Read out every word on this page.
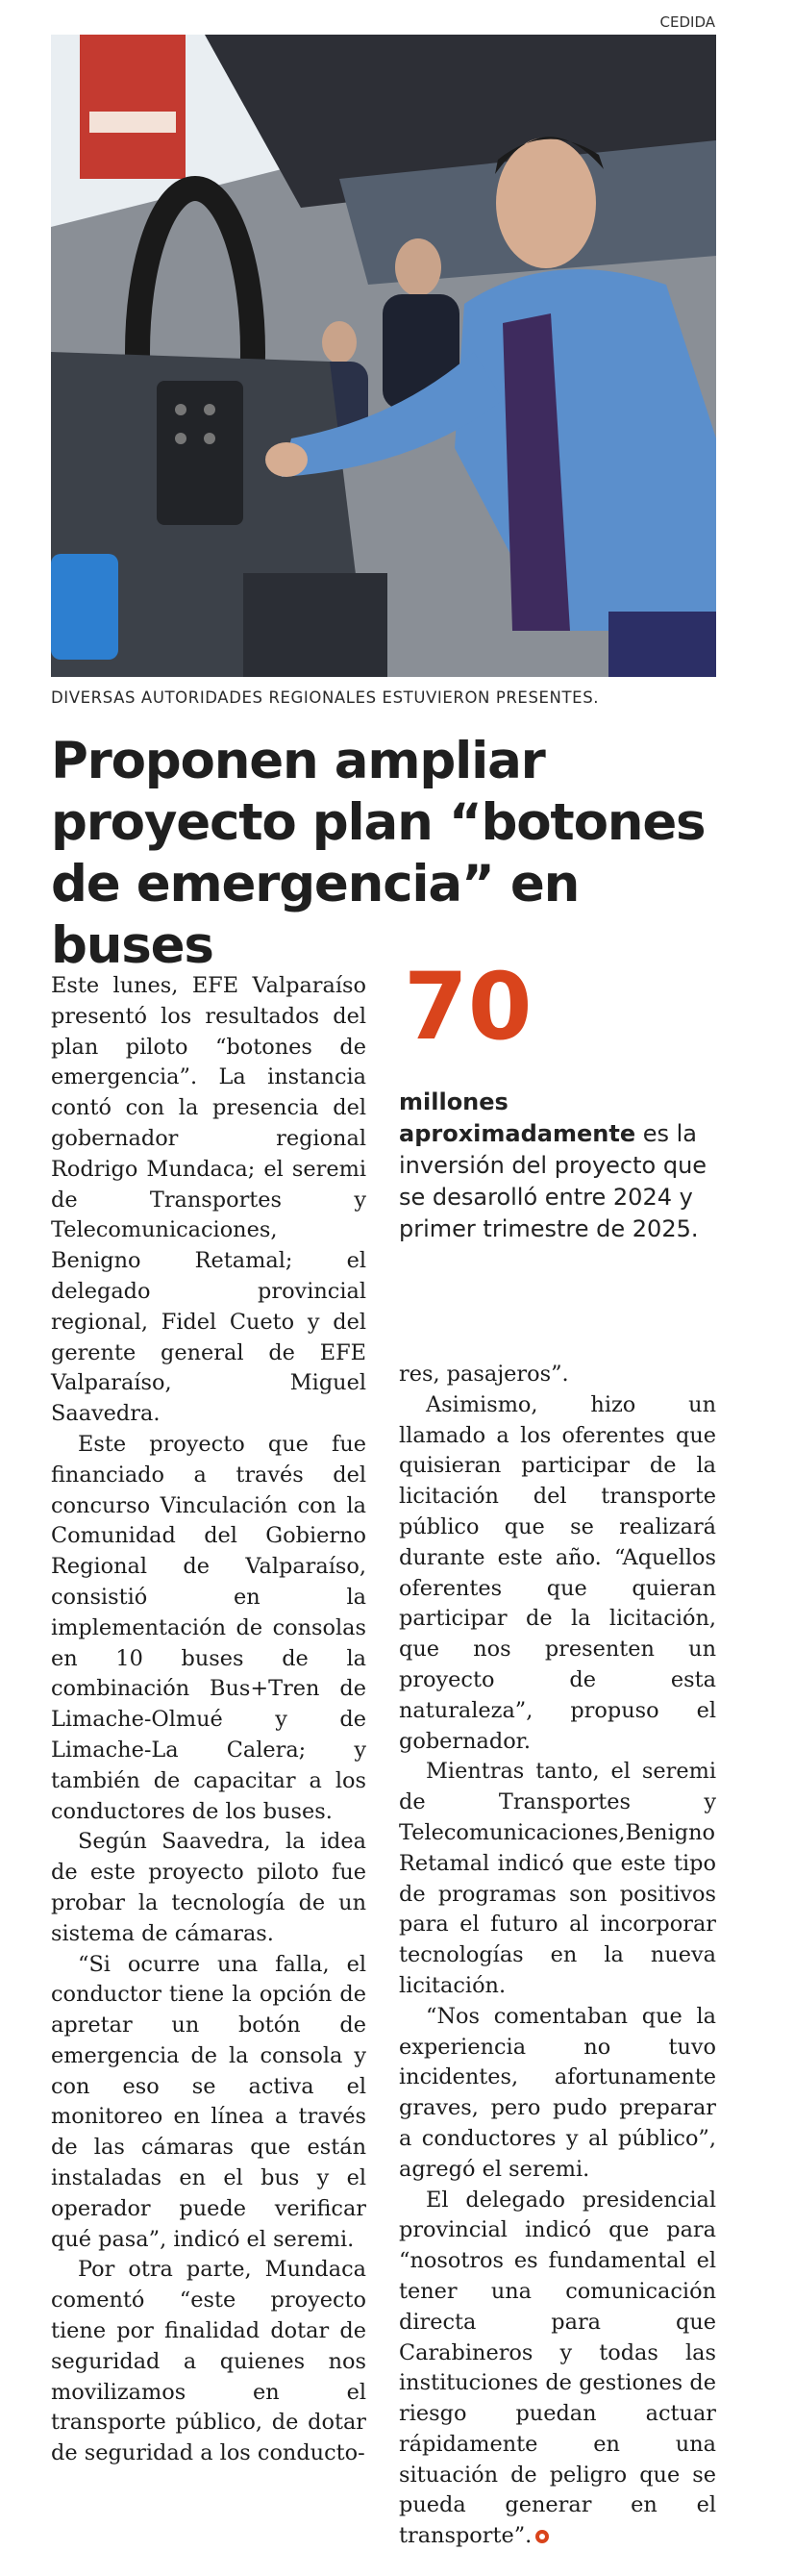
CEDIDA
DIVERSAS AUTORIDADES REGIONALES ESTUVIERON PRESENTES.
Proponen ampliar proyecto plan “botones de emergencia” en buses

Este lunes, EFE Valparaíso presentó los resultados del plan piloto “botones de emergencia”. La instancia contó con la presencia del gobernador regional Rodrigo Mundaca; el seremi de Transportes y Telecomunicaciones, Benigno Retamal; el delegado provincial regional, Fidel Cueto y del gerente general de EFE Valparaíso, Miguel Saavedra.

Este proyecto que fue financiado a través del concurso Vinculación con la Comunidad del Gobierno Regional de Valparaíso, consistió en la implementación de consolas en 10 buses de la combinación Bus+Tren de Limache-Olmué y de Limache-La Calera; y también de capacitar a los conductores de los buses.

Según Saavedra, la idea de este proyecto piloto fue probar la tecnología de un sistema de cámaras.

“Si ocurre una falla, el conductor tiene la opción de apretar un botón de emergencia de la consola y con eso se activa el monitoreo en línea a través de las cámaras que están instaladas en el bus y el operador puede verificar qué pasa”, indicó el seremi.

Por otra parte, Mundaca comentó “este proyecto tiene por finalidad dotar de seguridad a quienes nos movilizamos en el transporte público, de dotar de seguridad a los conducto-

70
millones aproximadamente es la inversión del proyecto que se desarolló entre 2024 y primer trimestre de 2025.

res, pasajeros”.

Asimismo, hizo un llamado a los oferentes que quisieran participar de la licitación del transporte público que se realizará durante este año. “Aquellos oferentes que quieran participar de la licitación, que nos presenten un proyecto de esta naturaleza”, propuso el gobernador.

Mientras tanto, el seremi de Transportes y Telecomunicaciones,Benigno Retamal indicó que este tipo de programas son positivos para el futuro al incorporar tecnologías en la nueva licitación.

“Nos comentaban que la experiencia no tuvo incidentes, afortunamente graves, pero pudo preparar a conductores y al público”, agregó el seremi.

El delegado presidencial provincial indicó que para “nosotros es fundamental el tener una comunicación directa para que Carabineros y todas las instituciones de gestiones de riesgo puedan actuar rápidamente en una situación de peligro que se pueda generar en el transporte”.
